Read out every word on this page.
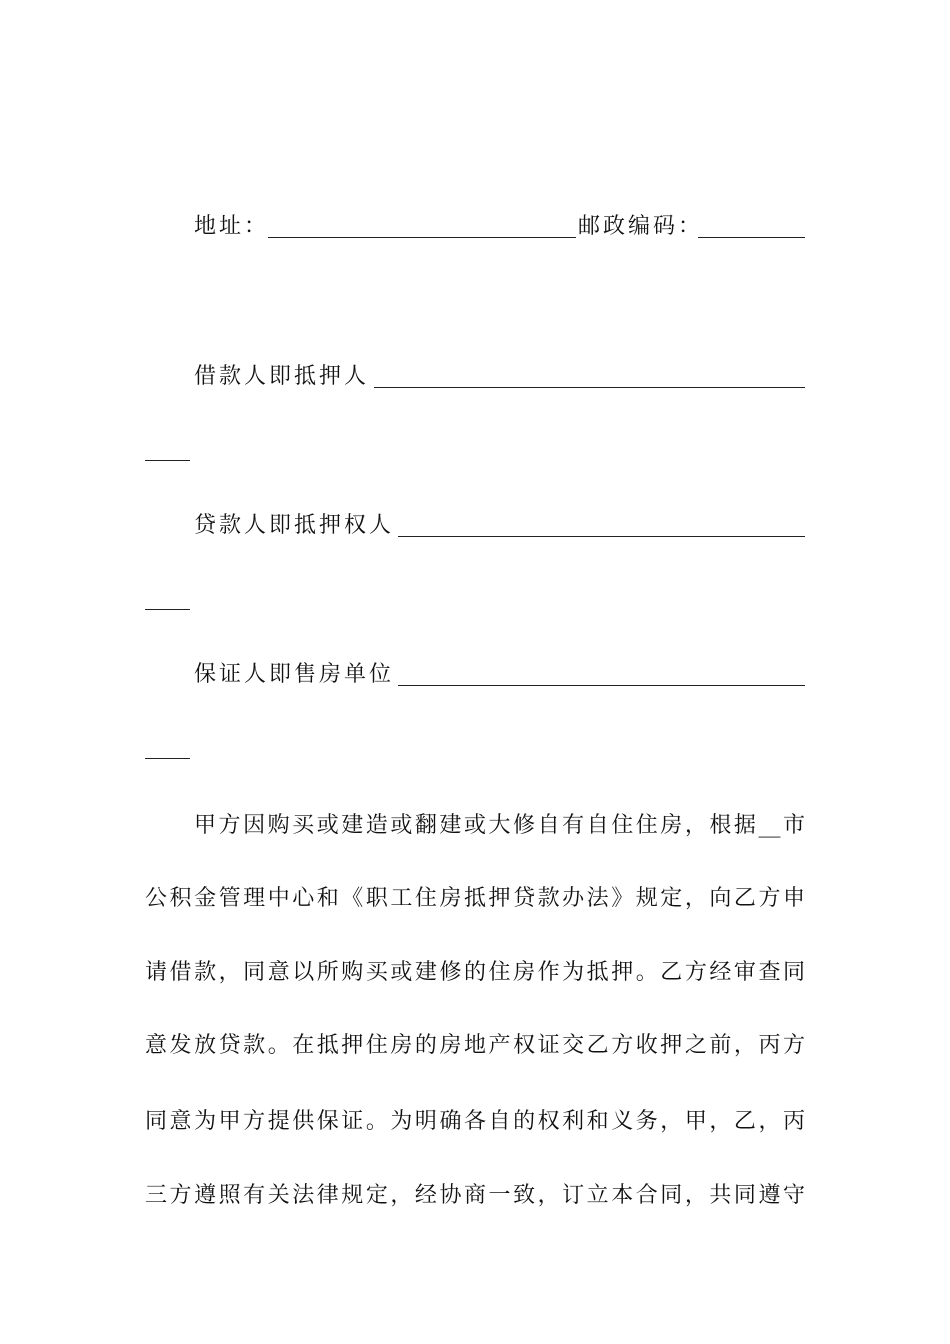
地址：	邮政编码：
借款人即抵押人
贷款人即抵押权人
保证人即售房单位
甲方因购买或建造或翻建或大修自有自住住房，根据__市
公积金管理中心和《职工住房抵押贷款办法》规定，向乙方申
请借款，同意以所购买或建修的住房作为抵押。乙方经审查同
意发放贷款。在抵押住房的房地产权证交乙方收押之前，丙方
同意为甲方提供保证。为明确各自的权利和义务，甲，乙，丙
三方遵照有关法律规定，经协商一致，订立本合同，共同遵守
